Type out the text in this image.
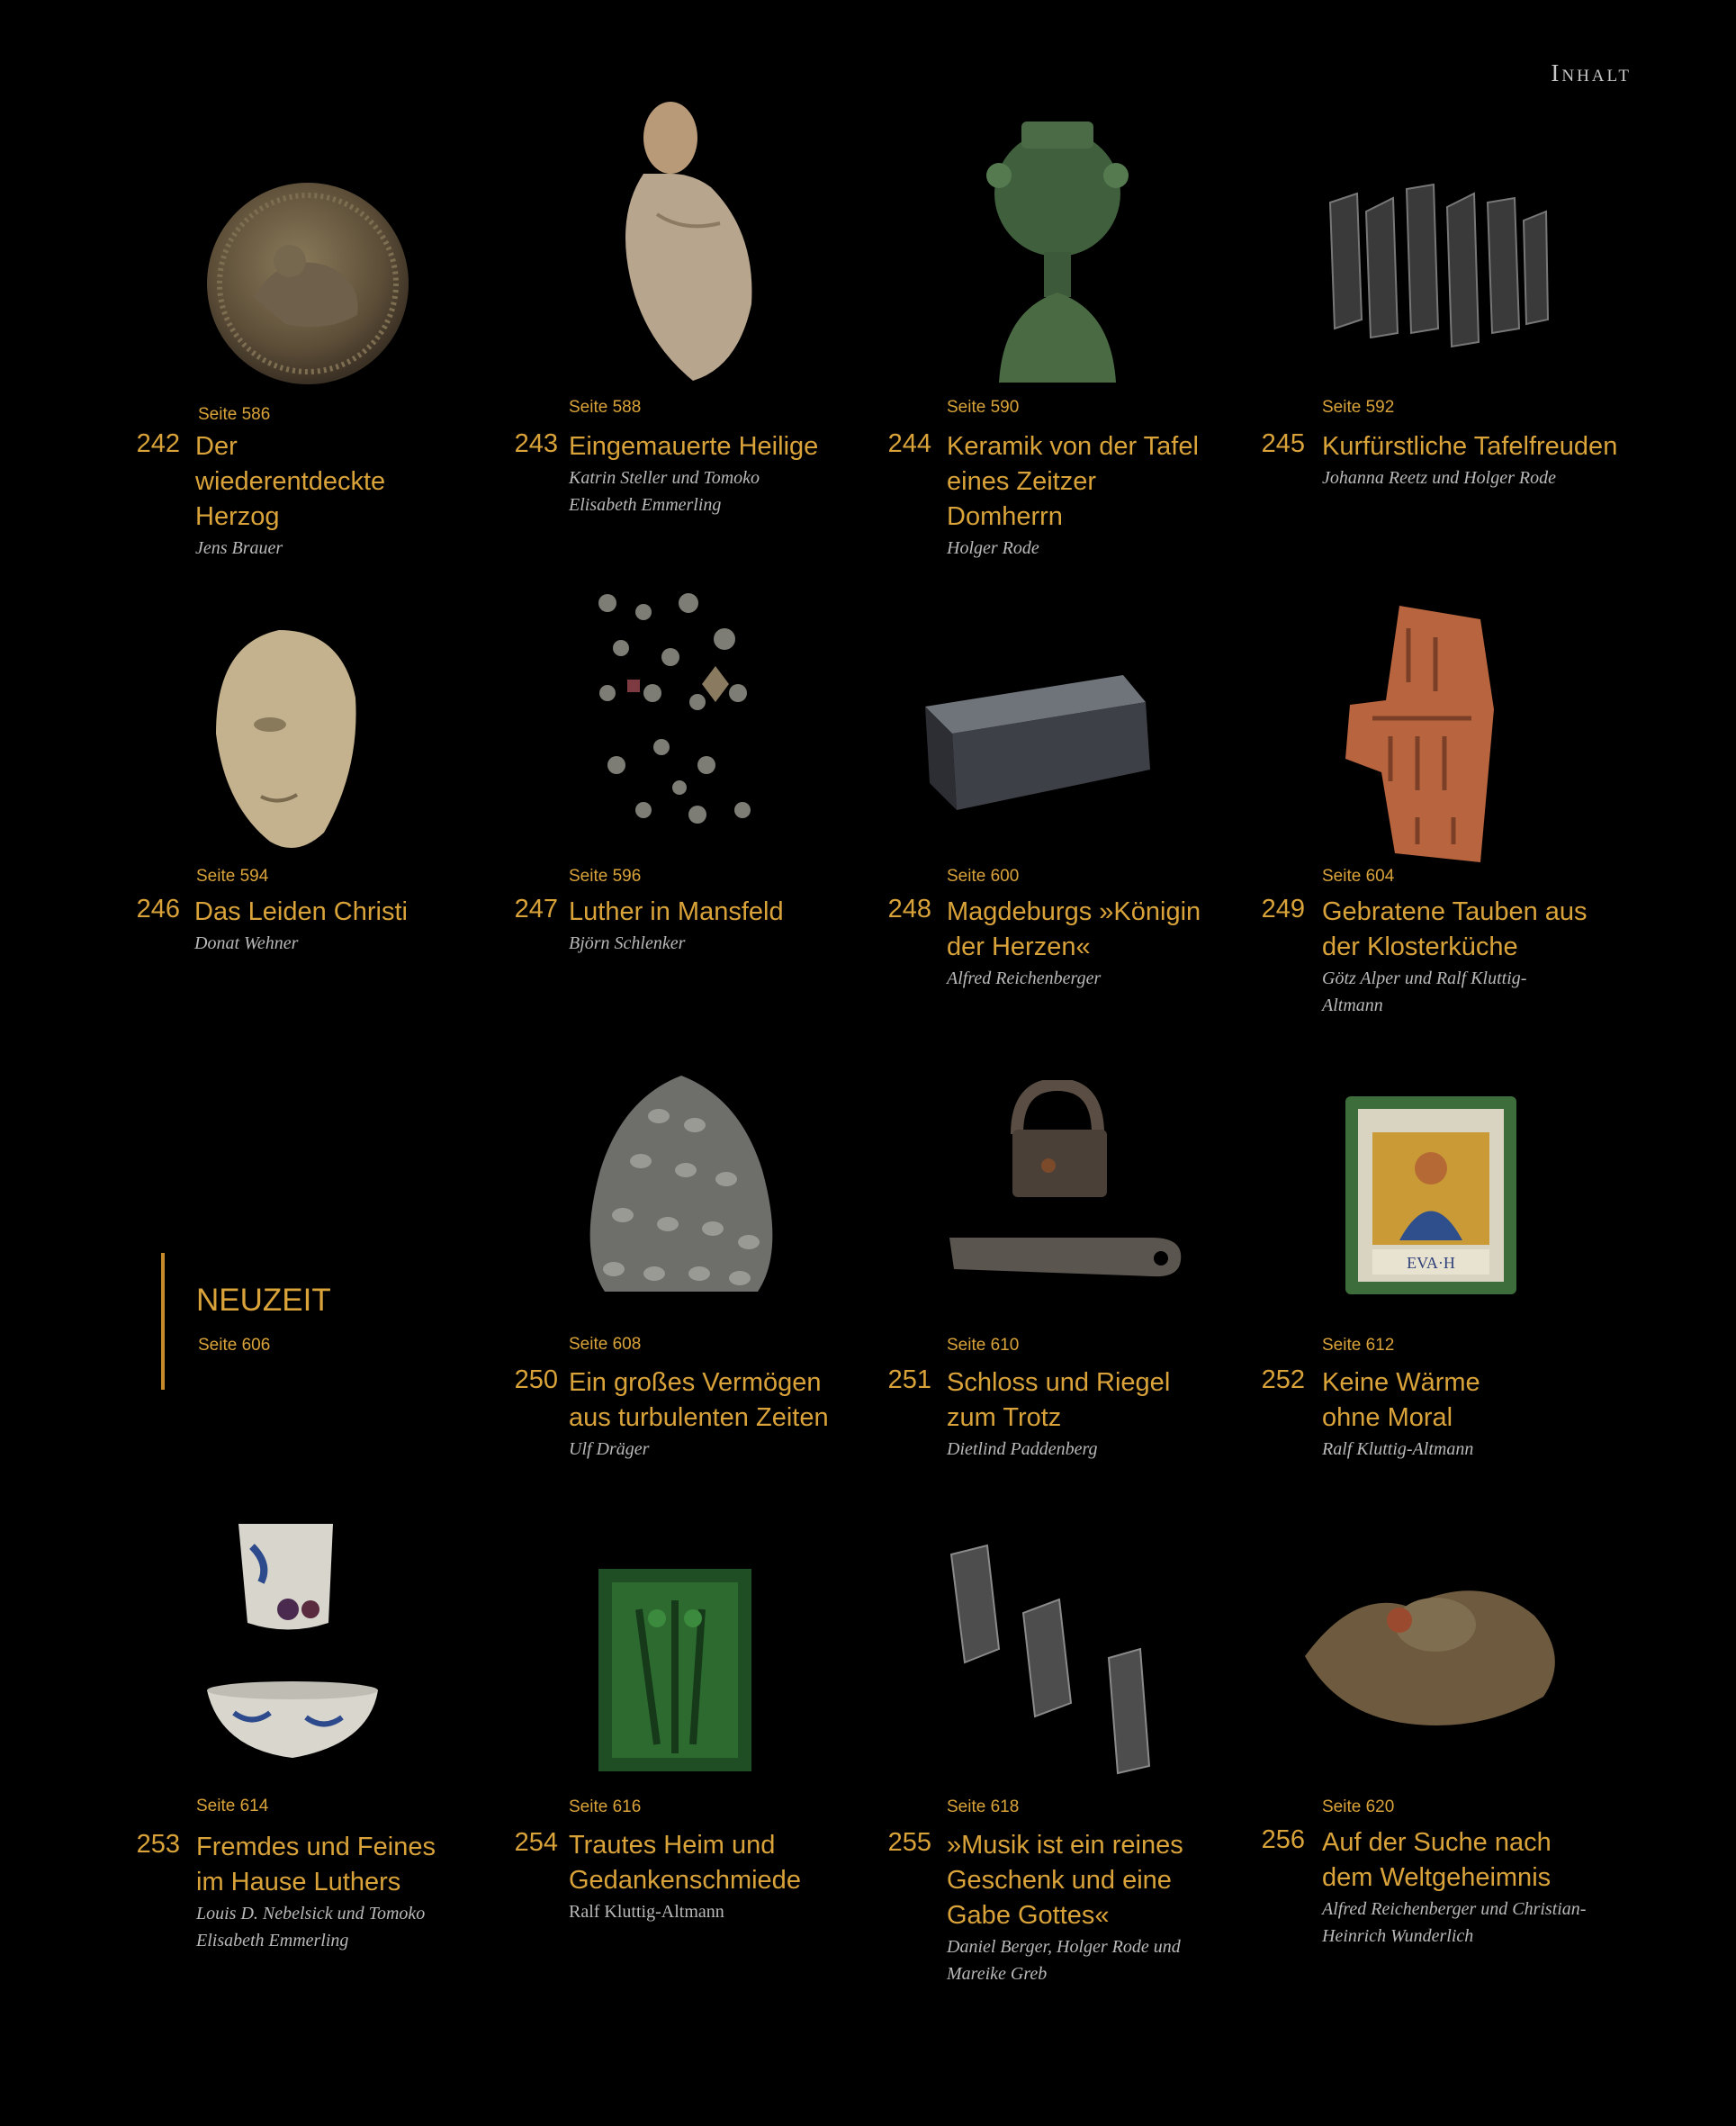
Inhalt
Seite 586
242 Der wiederentdeckte Herzog
Jens Brauer
Seite 588
243 Eingemauerte Heilige
Katrin Steller und Tomoko Elisabeth Emmerling
Seite 590
244 Keramik von der Tafel eines Zeitzer Domherrn
Holger Rode
Seite 592
245 Kurfürstliche Tafelfreuden
Johanna Reetz und Holger Rode
Seite 594
246 Das Leiden Christi
Donat Wehner
Seite 596
247 Luther in Mansfeld
Björn Schlenker
Seite 600
248 Magdeburgs »Königin der Herzen«
Alfred Reichenberger
Seite 604
249 Gebratene Tauben aus der Klosterküche
Götz Alper und Ralf Kluttig-Altmann
NEUZEIT
Seite 606	Seite 608
250 Ein großes Vermögen aus turbulenten Zeiten
Ulf Dräger
Seite 610
251 Schloss und Riegel zum Trotz
Dietlind Paddenberg
EVA·H
Seite 612
252 Keine Wärme ohne Moral
Ralf Kluttig-Altmann
Seite 614
253 Fremdes und Feines im Hause Luthers
Louis D. Nebelsick und Tomoko Elisabeth Emmerling
Seite 616
254 Trautes Heim und Gedankenschmiede
Ralf Kluttig-Altmann
Seite 618
255 »Musik ist ein reines Geschenk und eine Gabe Gottes«
Daniel Berger, Holger Rode und Mareike Greb
Seite 620
256 Auf der Suche nach dem Weltgeheimnis
Alfred Reichenberger und Christian-Heinrich Wunderlich
